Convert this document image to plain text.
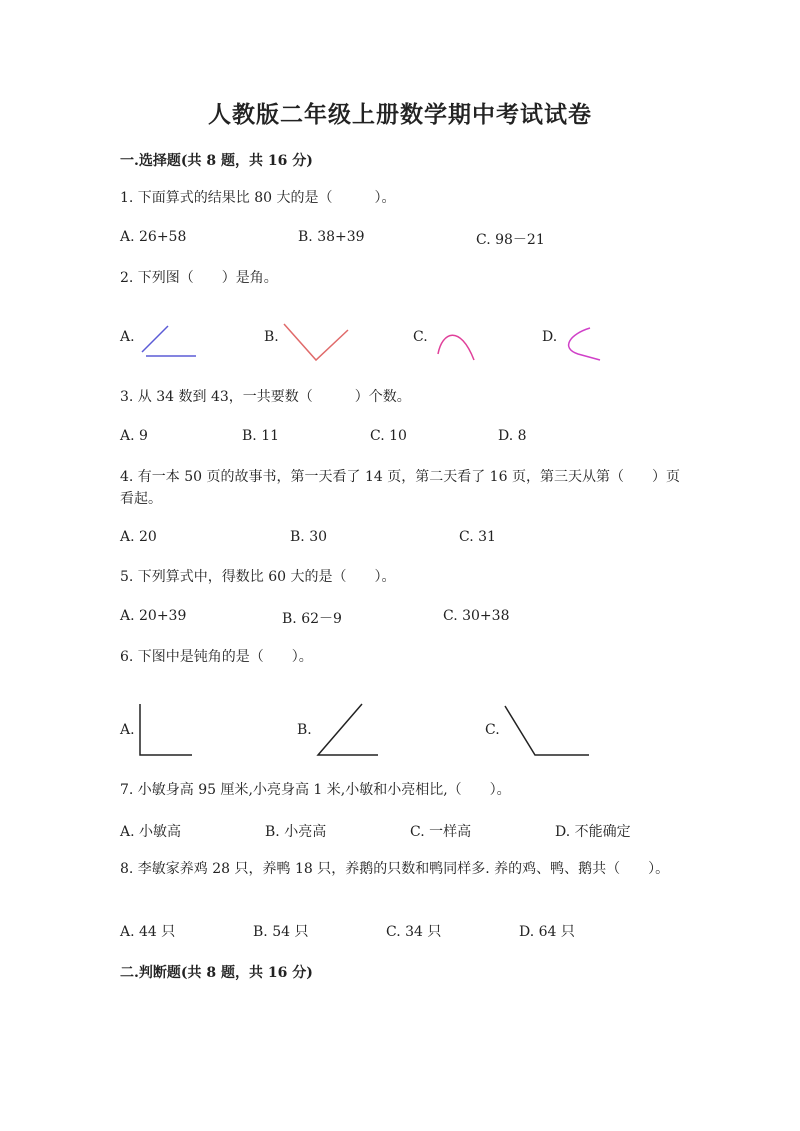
人教版二年级上册数学期中考试试卷
一.选择题(共 8 题，共 16 分)
1. 下面算式的结果比 80 大的是（　　　）。
A. 26+58	B. 38+39	C. 98－21
2. 下列图（　　）是角。
A.	B.	C.	D.
3. 从 34 数到 43，一共要数（　　　）个数。
A. 9	B. 11	C. 10	D. 8
4. 有一本 50 页的故事书，第一天看了 14 页，第二天看了 16 页，第三天从第（　　）页看起。
A. 20	B. 30	C. 31
5. 下列算式中，得数比 60 大的是（　　）。
A. 20+39	B. 62－9	C. 30+38
6. 下图中是钝角的是（　　）。
A.	B.	C.
7. 小敏身高 95 厘米,小亮身高 1 米,小敏和小亮相比,（　　）。
A. 小敏高	B. 小亮高	C. 一样高	D. 不能确定
8. 李敏家养鸡 28 只，养鸭 18 只，养鹅的只数和鸭同样多. 养的鸡、鸭、鹅共（　　）。
A. 44 只	B. 54 只	C. 34 只	D. 64 只
二.判断题(共 8 题，共 16 分)
